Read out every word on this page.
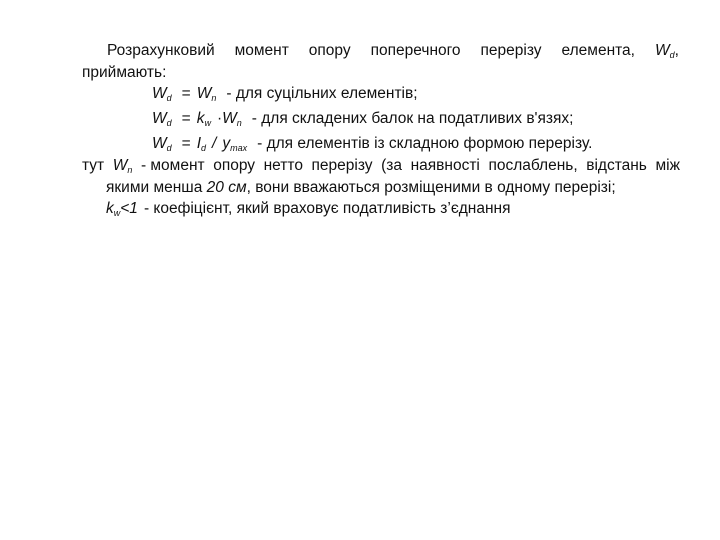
Розрахунковий момент опору поперечного перерізу елемента, $W_d$,
приймають:
$W_d = W_n$ - для суцільних елементів;
$W_d = k_w \cdot W_n$ - для складених балок на податливих в'язях;
$W_d = I_d / y_{max}$ - для елементів із складною формою перерізу.
тут $W_n$ - момент опору нетто перерізу (за наявності послаблень, відстань між
якими менша 20 см, вони вважаються розміщеними в одному перерізі;
$k_w<1$ - коефіцієнт, який враховує податливість з’єднання
